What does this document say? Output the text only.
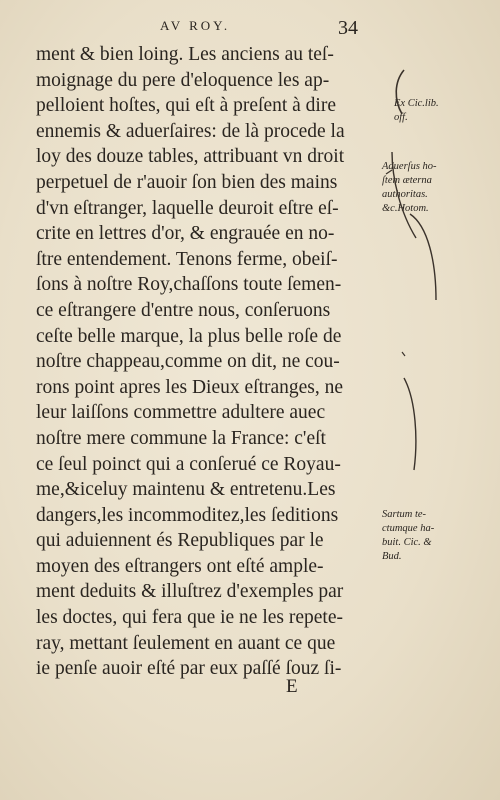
AV ROY.	34
ment & bien loing. Les anciens au teſ-
moignage du pere d'eloquence les ap-
pelloient hoſtes, qui eſt à preſent à dire
ennemis & aduerſaires: de là procede la
loy des douze tables, attribuant vn droit
perpetuel de r'auoir ſon bien des mains
d'vn eſtranger, laquelle deuroit eſtre eſ-
crite en lettres d'or, & engrauée en no-
ſtre entendement. Tenons ferme, obeiſ-
ſons à noſtre Roy,chaſſons toute ſemen-
ce eſtrangere d'entre nous, conſeruons
ceſte belle marque, la plus belle roſe de
noſtre chappeau,comme on dit, ne cou-
rons point apres les Dieux eſtranges, ne
leur laiſſons commettre adultere auec
noſtre mere commune la France: c'eſt
ce ſeul poinct qui a conſerué ce Royau-
me,&iceluy maintenu & entretenu.Les
dangers,les incommoditez,les ſeditions
qui aduiennent és Republiques par le
moyen des eſtrangers ont eſté ample-
ment deduits & illuſtrez d'exemples par
les doctes, qui fera que ie ne les repete-
ray, mettant ſeulement en auant ce que
ie penſe auoir eſté par eux paſſé ſouz ſi-
E
Ex Cic.lib.
off.
Aduerſus ho-
ſtem æterna
authoritas.
&c.Hotom.
Sartum te-
ctumque ha-
buit. Cic. &
Bud.
